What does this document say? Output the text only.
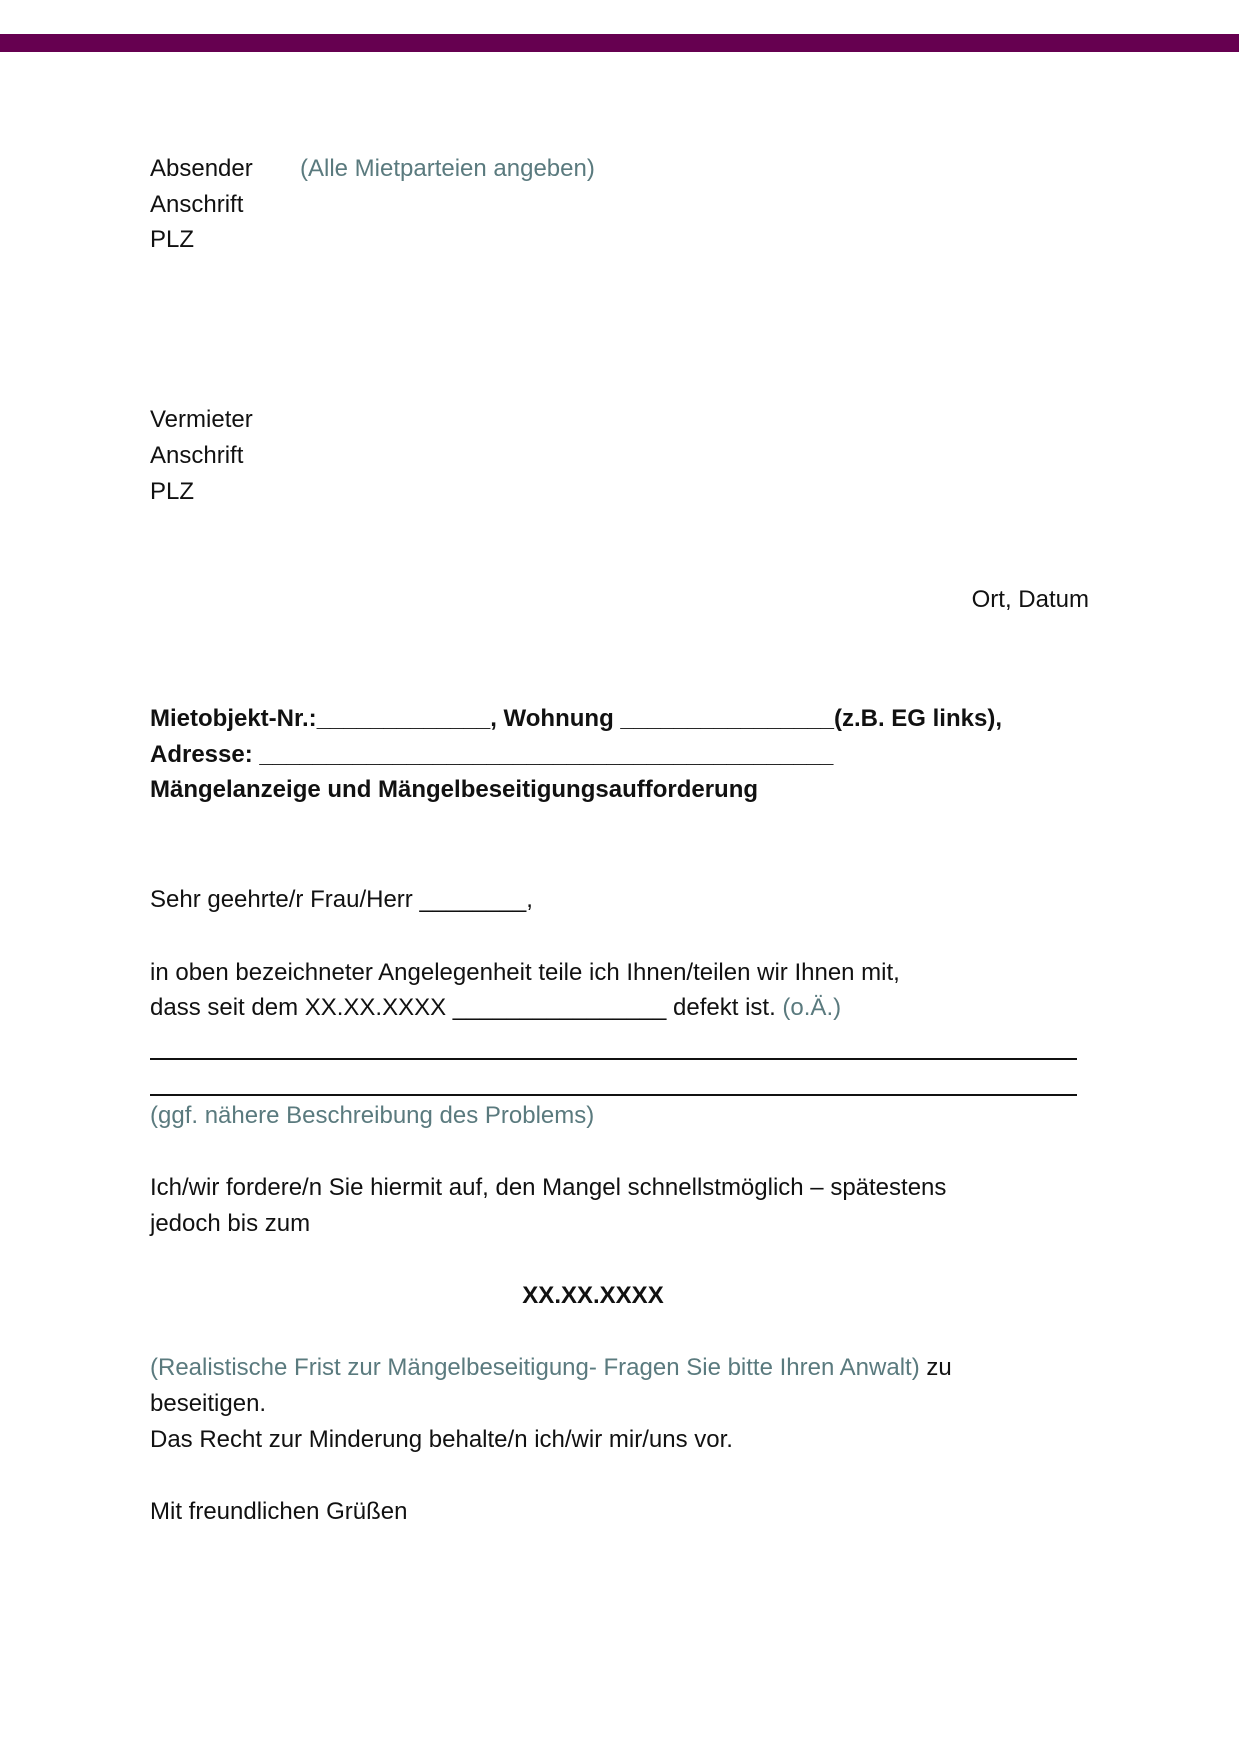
Absender (Alle Mietparteien angeben)
Anschrift
PLZ
Vermieter
Anschrift
PLZ
Ort, Datum
Mietobjekt-Nr.:_____________, Wohnung ________________(z.B. EG links),
Adresse: ___________________________________________
Mängelanzeige und Mängelbeseitigungsaufforderung
Sehr geehrte/r Frau/Herr ________,
in oben bezeichneter Angelegenheit teile ich Ihnen/teilen wir Ihnen mit,
dass seit dem XX.XX.XXXX ________________ defekt ist. (o.Ä.)
(ggf. nähere Beschreibung des Problems)
Ich/wir fordere/n Sie hiermit auf, den Mangel schnellstmöglich – spätestens
jedoch bis zum
XX.XX.XXXX
(Realistische Frist zur Mängelbeseitigung- Fragen Sie bitte Ihren Anwalt) zu
beseitigen.
Das Recht zur Minderung behalte/n ich/wir mir/uns vor.
Mit freundlichen Grüßen
